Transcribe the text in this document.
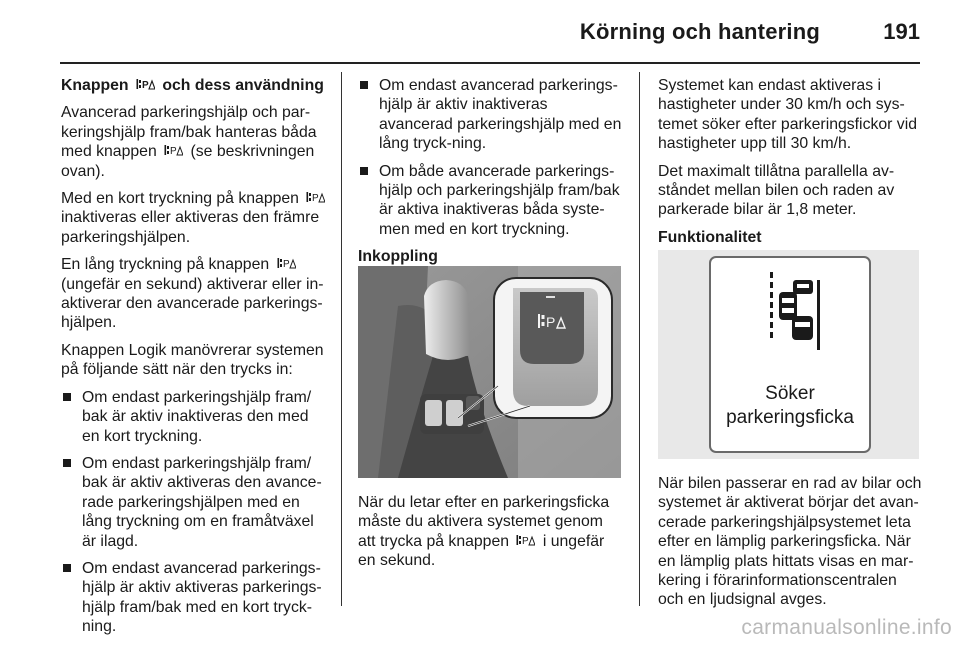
Körning och hantering	191

Knappen P och dess användning

Avancerad parkeringshjälp och par-keringshjälp fram/bak hanteras båda med knappen P (se beskrivningen ovan).

Med en kort tryckning på knappen P
inaktiveras eller aktiveras den främre parkeringshjälpen.

En lång tryckning på knappen P
(ungefär en sekund) aktiverar eller in-aktiverar den avancerade parkerings-hjälpen.

Knappen Logik manövrerar systemen på följande sätt när den trycks in:

Om endast parkeringshjälp fram/ bak är aktiv inaktiveras den med en kort tryckning.
Om endast parkeringshjälp fram/ bak är aktiv aktiveras den avance-rade parkeringshjälpen med en lång tryckning om en framåtväxel är ilagd.
Om endast avancerad parkerings-hjälp är aktiv aktiveras parkerings-hjälp fram/bak med en kort tryck-ning.
Om endast avancerad parkerings-hjälp är aktiv inaktiveras avancerad parkeringshjälp med en lång tryck-ning.
Om både avancerade parkerings-hjälp och parkeringshjälp fram/bak är aktiva inaktiveras båda syste-men med en kort tryckning.

Inkoppling

P

När du letar efter en parkeringsficka måste du aktivera systemet genom att trycka på knappen P i ungefär en sekund.

Systemet kan endast aktiveras i hastigheter under 30 km/h och sys-temet söker efter parkeringsfickor vid hastigheter upp till 30 km/h.

Det maximalt tillåtna parallella av-ståndet mellan bilen och raden av parkerade bilar är 1,8 meter.

Funktionalitet

Söker
parkeringsficka

När bilen passerar en rad av bilar och systemet är aktiverat börjar det avan-cerade parkeringshjälpsystemet leta efter en lämplig parkeringsficka. När en lämplig plats hittats visas en mar-kering i förarinformationscentralen och en ljudsignal avges.

carmanualsonline.info
